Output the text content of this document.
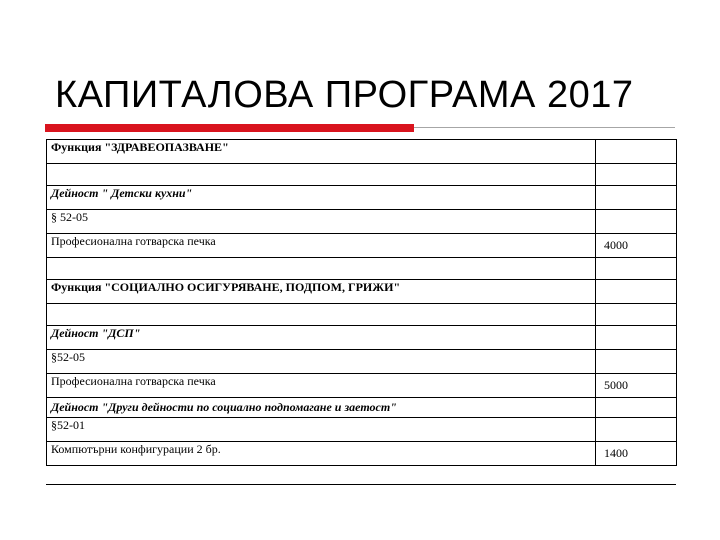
КАПИТАЛОВА ПРОГРАМА 2017
Функция "ЗДРАВЕОПАЗВАНЕ"	

Дейност " Детски кухни"	
§ 52-05	
Професионална готварска печка	4000

Функция "СОЦИАЛНО ОСИГУРЯВАНЕ, ПОДПОМ, ГРИЖИ"	

Дейност "ДСП"	
§52-05	
Професионална готварска печка	5000
Дейност "Други дейности по социално подпомагане и заетост"	
§52-01	
Компютърни конфигурации 2 бр.	1400
